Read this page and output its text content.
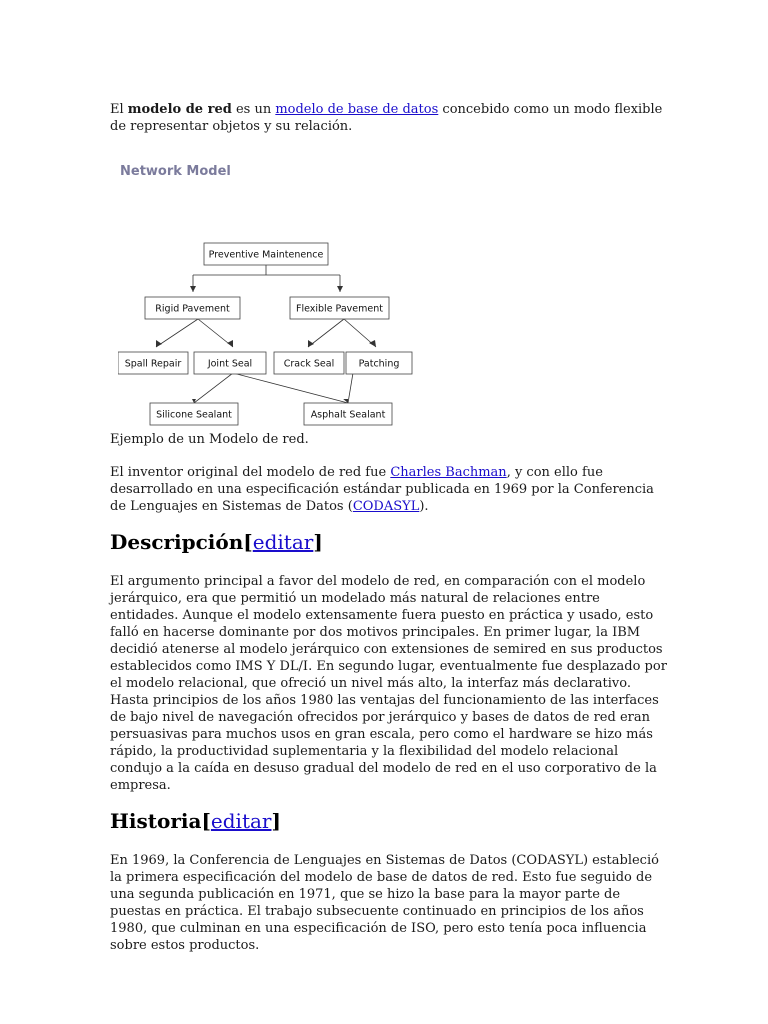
El modelo de red es un modelo de base de datos concebido como un modo flexible de representar objetos y su relación.

Network Model
Preventive Maintenence
Rigid Pavement	Flexible Pavement
Spall Repair	Joint Seal	Crack Seal	Patching
Silicone Sealant	Asphalt Sealant

Ejemplo de un Modelo de red.

El inventor original del modelo de red fue Charles Bachman, y con ello fue desarrollado en una especificación estándar publicada en 1969 por la Conferencia de Lenguajes en Sistemas de Datos (CODASYL).

Descripción[editar]

El argumento principal a favor del modelo de red, en comparación con el modelo jerárquico, era que permitió un modelado más natural de relaciones entre entidades. Aunque el modelo extensamente fuera puesto en práctica y usado, esto falló en hacerse dominante por dos motivos principales. En primer lugar, la IBM decidió atenerse al modelo jerárquico con extensiones de semired en sus productos establecidos como IMS Y DL/I. En segundo lugar, eventualmente fue desplazado por el modelo relacional, que ofreció un nivel más alto, la interfaz más declarativo. Hasta principios de los años 1980 las ventajas del funcionamiento de las interfaces de bajo nivel de navegación ofrecidos por jerárquico y bases de datos de red eran persuasivas para muchos usos en gran escala, pero como el hardware se hizo más rápido, la productividad suplementaria y la flexibilidad del modelo relacional condujo a la caída en desuso gradual del modelo de red en el uso corporativo de la empresa.

Historia[editar]

En 1969, la Conferencia de Lenguajes en Sistemas de Datos (CODASYL) estableció la primera especificación del modelo de base de datos de red. Esto fue seguido de una segunda publicación en 1971, que se hizo la base para la mayor parte de puestas en práctica. El trabajo subsecuente continuado en principios de los años 1980, que culminan en una especificación de ISO, pero esto tenía poca influencia sobre estos productos.
